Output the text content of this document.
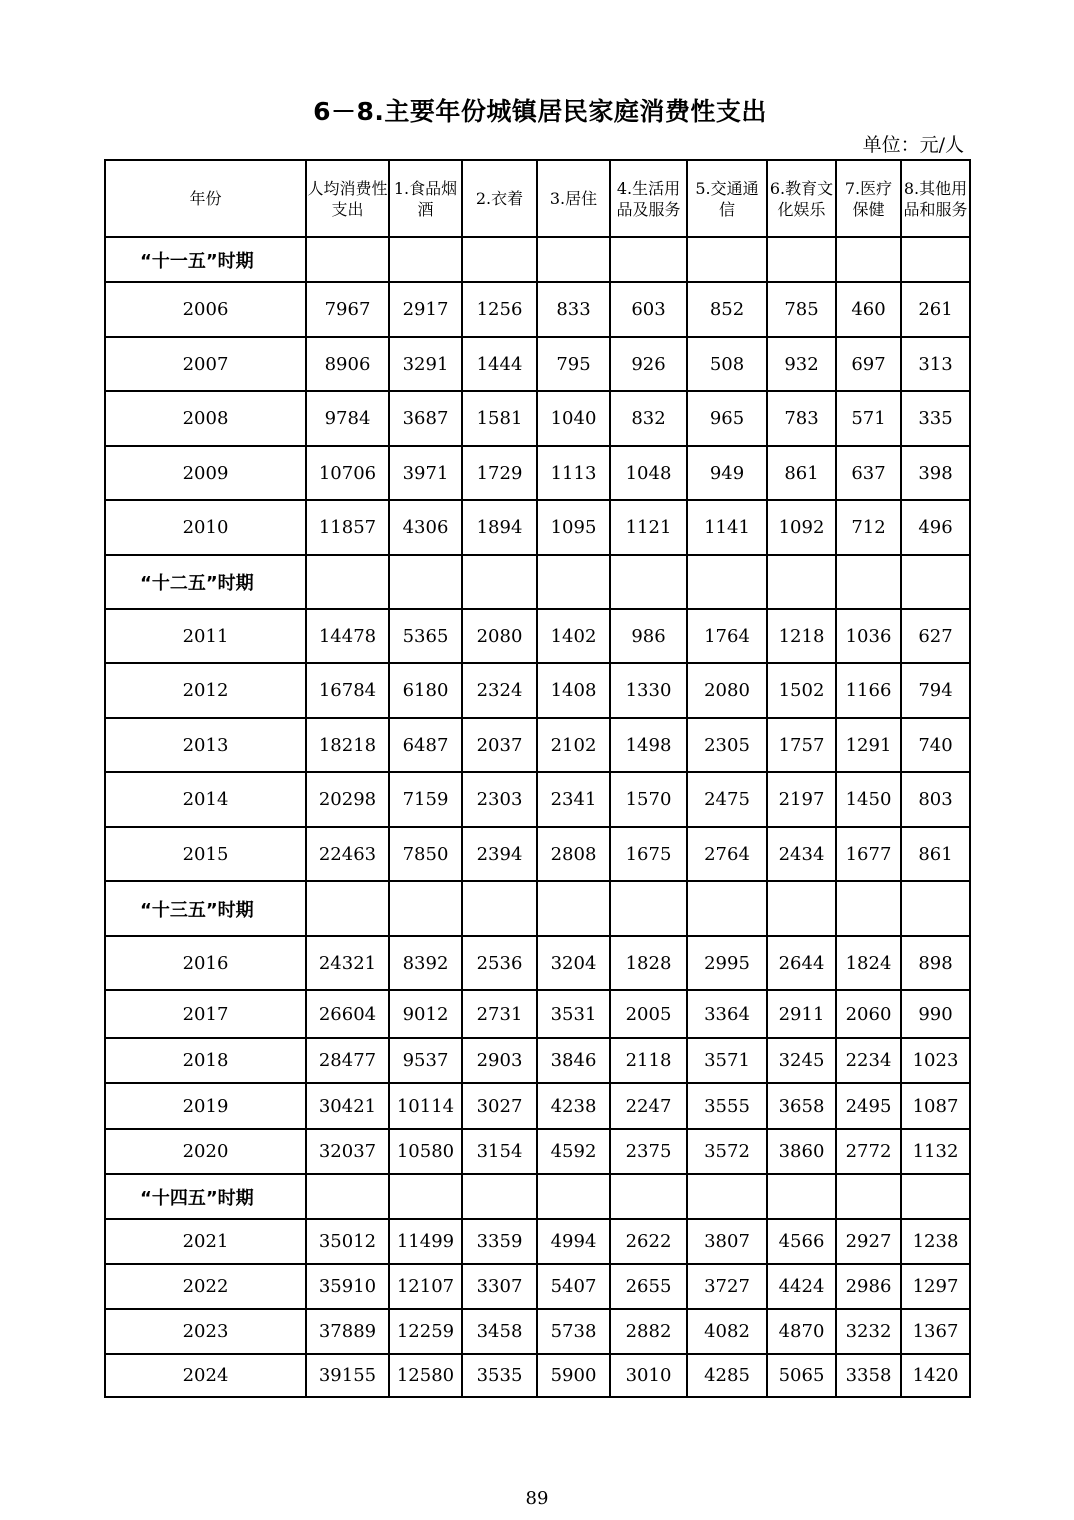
6－8.主要年份城镇居民家庭消费性支出
单位：元/人
年份	人均消费性支出	1.食品烟酒	2.衣着	3.居住	4.生活用品及服务	5.交通通信	6.教育文化娱乐	7.医疗保健	8.其他用品和服务
“十一五”时期									
2006	7967	2917	1256	833	603	852	785	460	261
2007	8906	3291	1444	795	926	508	932	697	313
2008	9784	3687	1581	1040	832	965	783	571	335
2009	10706	3971	1729	1113	1048	949	861	637	398
2010	11857	4306	1894	1095	1121	1141	1092	712	496
“十二五”时期									
2011	14478	5365	2080	1402	986	1764	1218	1036	627
2012	16784	6180	2324	1408	1330	2080	1502	1166	794
2013	18218	6487	2037	2102	1498	2305	1757	1291	740
2014	20298	7159	2303	2341	1570	2475	2197	1450	803
2015	22463	7850	2394	2808	1675	2764	2434	1677	861
“十三五”时期									
2016	24321	8392	2536	3204	1828	2995	2644	1824	898
2017	26604	9012	2731	3531	2005	3364	2911	2060	990
2018	28477	9537	2903	3846	2118	3571	3245	2234	1023
2019	30421	10114	3027	4238	2247	3555	3658	2495	1087
2020	32037	10580	3154	4592	2375	3572	3860	2772	1132
“十四五”时期									
2021	35012	11499	3359	4994	2622	3807	4566	2927	1238
2022	35910	12107	3307	5407	2655	3727	4424	2986	1297
2023	37889	12259	3458	5738	2882	4082	4870	3232	1367
2024	39155	12580	3535	5900	3010	4285	5065	3358	1420
89
